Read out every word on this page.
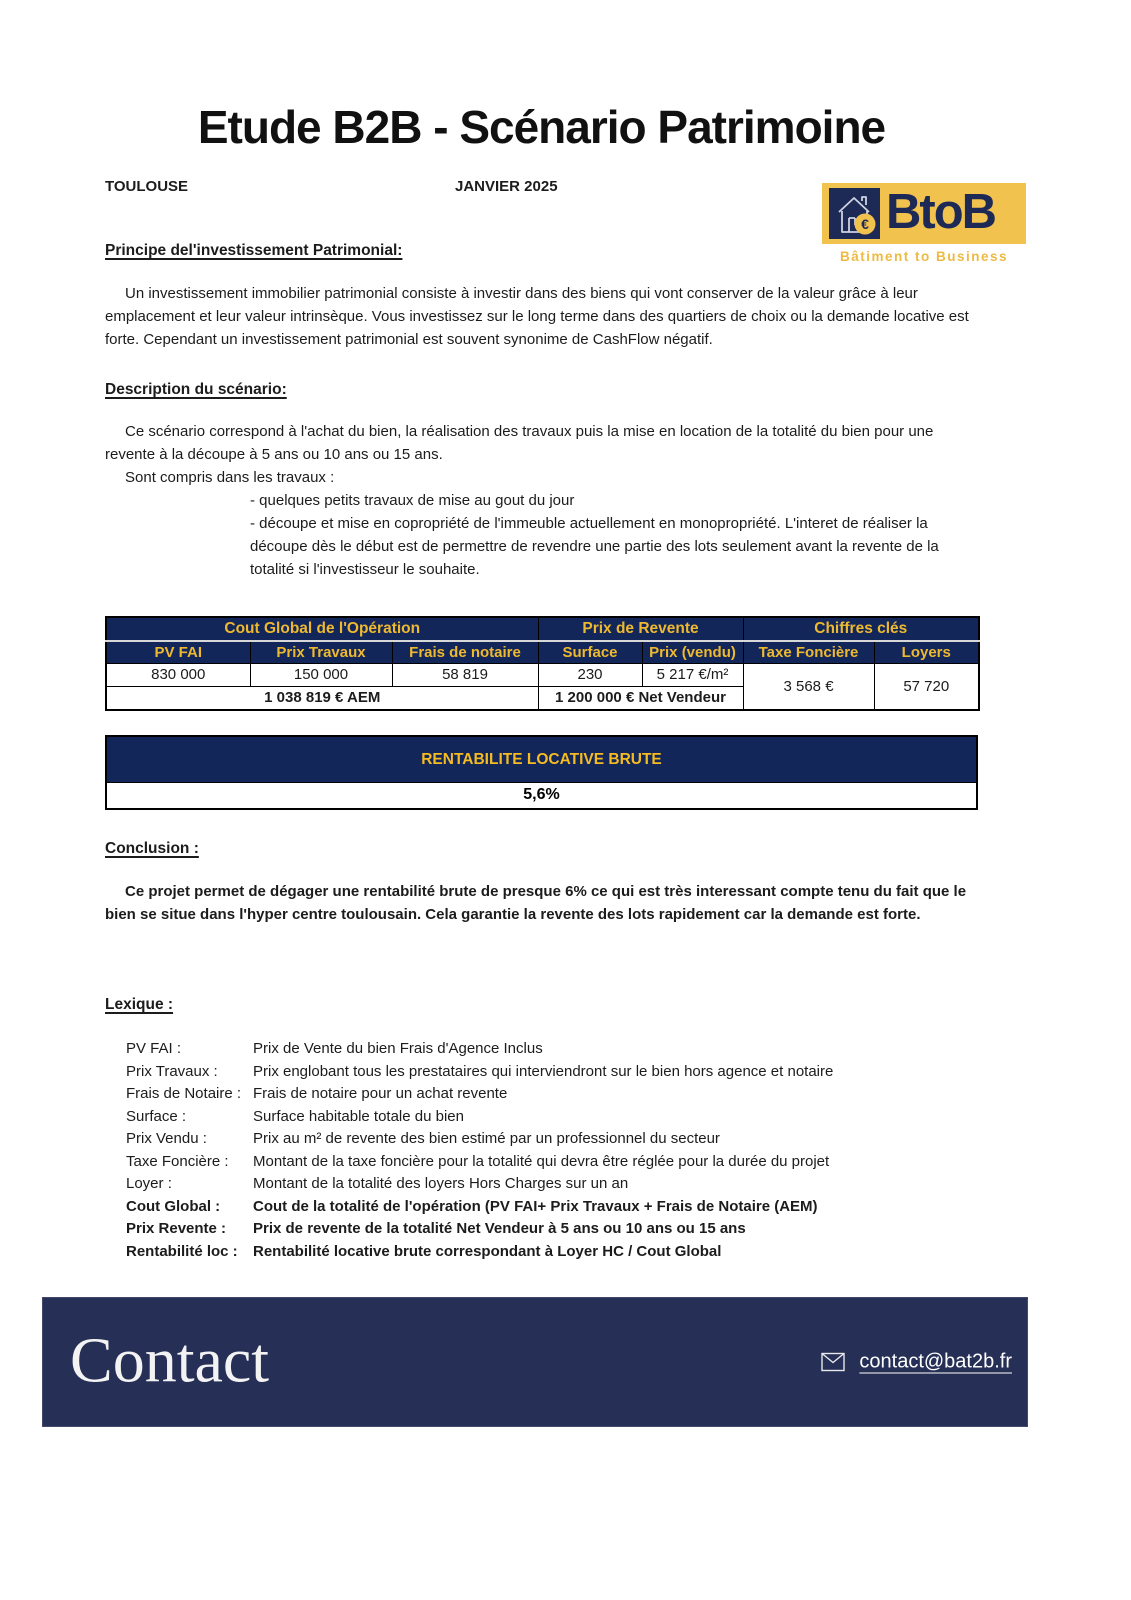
€ BtoB
Bâtiment to Business
Etude B2B - Scénario Patrimoine
TOULOUSE	JANVIER 2025
Principe del'investissement Patrimonial:

Un investissement immobilier patrimonial consiste à investir dans des biens qui vont conserver de la valeur grâce à leur emplacement et leur valeur intrinsèque. Vous investissez sur le long terme dans des quartiers de choix ou la demande locative est forte. Cependant un investissement patrimonial est souvent synonime de CashFlow négatif.

Description du scénario:

Ce scénario correspond à l'achat du bien, la réalisation des travaux puis la mise en location de la totalité du bien pour une revente à la découpe à 5 ans ou 10 ans ou 15 ans.

Sont compris dans les travaux :

- quelques petits travaux de mise au gout du jour
- découpe et mise en copropriété de l'immeuble actuellement en monopropriété. L'interet de réaliser la découpe dès le début est de permettre de revendre une partie des lots seulement avant la revente de la totalité si l'investisseur le souhaite.
Cout Global de l'Opération			Prix de Revente		Chiffres clés	
PV FAI	Prix Travaux	Frais de notaire	Surface	Prix (vendu)	Taxe Foncière	Loyers
830 000	150 000	58 819	230	5 217 €/m²	3 568 €	57 720
1 038 819 € AEM			1 200 000 € Net Vendeur			
RENTABILITE LOCATIVE BRUTE
5,6%
Conclusion :

Ce projet permet de dégager une rentabilité brute de presque 6% ce qui est très interessant compte tenu du fait que le bien se situe dans l'hyper centre toulousain. Cela garantie la revente des lots rapidement car la demande est forte.

Lexique :
PV FAI :	Prix de Vente du bien Frais d'Agence Inclus
Prix Travaux :	Prix englobant tous les prestataires qui interviendront sur le bien hors agence et notaire
Frais de Notaire : Frais de notaire pour un achat revente
Surface :	Surface habitable totale du bien
Prix Vendu :	Prix au m² de revente des bien estimé par un professionnel du secteur
Taxe Foncière :	Montant de la taxe foncière pour la totalité qui devra être réglée pour la durée du projet
Loyer :	Montant de la totalité des loyers Hors Charges sur un an
Cout Global :	Cout de la totalité de l'opération (PV FAI+ Prix Travaux + Frais de Notaire (AEM)
Prix Revente :	Prix de revente de la totalité Net Vendeur à 5 ans ou 10 ans ou 15 ans
Rentabilité loc :	Rentabilité locative brute correspondant à Loyer HC / Cout Global
Contact	contact@bat2b.fr
